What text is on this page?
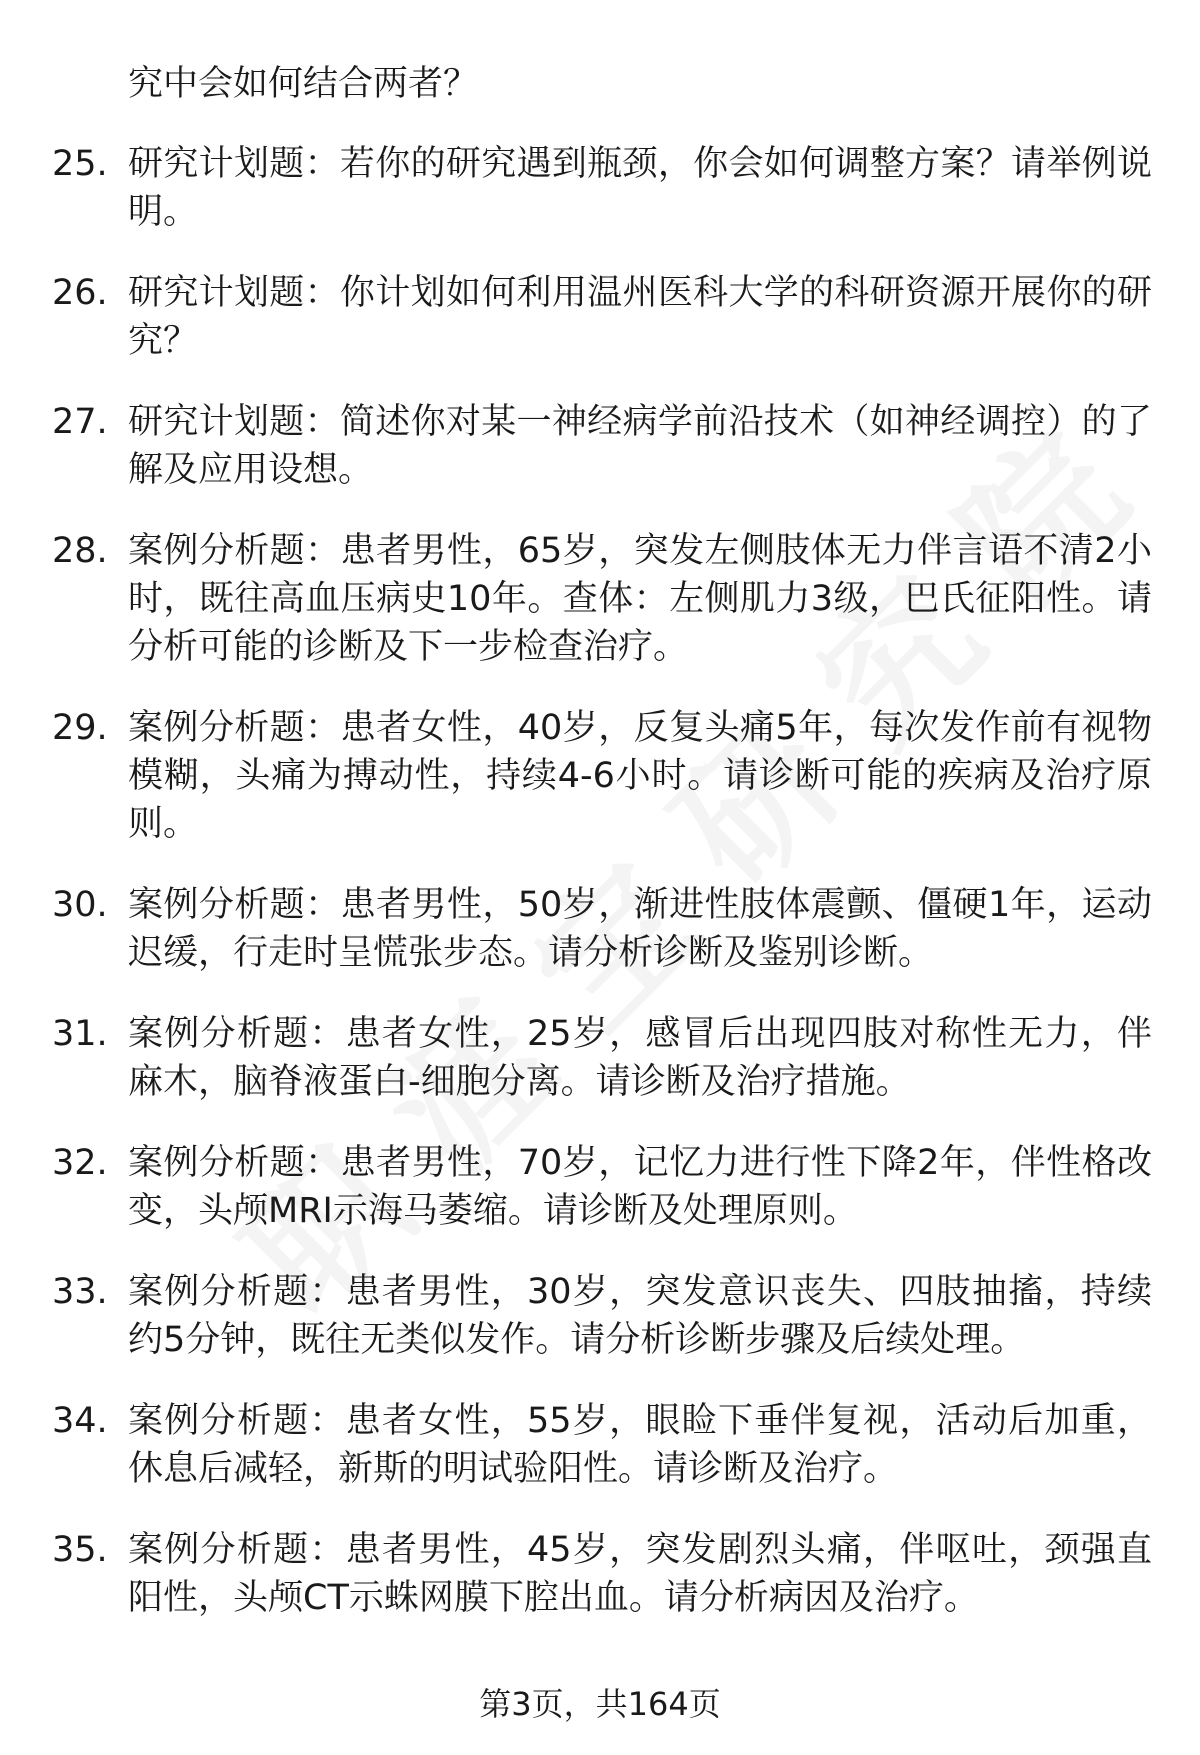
究中会如何结合两者？
25. 研究计划题：若你的研究遇到瓶颈，你会如何调整方案？请举例说明。
26. 研究计划题：你计划如何利用温州医科大学的科研资源开展你的研究？
27. 研究计划题：简述你对某一神经病学前沿技术（如神经调控）的了解及应用设想。
28. 案例分析题：患者男性，65岁，突发左侧肢体无力伴言语不清2小时，既往高血压病史10年。查体：左侧肌力3级，巴氏征阳性。请分析可能的诊断及下一步检查治疗。
29. 案例分析题：患者女性，40岁，反复头痛5年，每次发作前有视物模糊，头痛为搏动性，持续4-6小时。请诊断可能的疾病及治疗原则。
30. 案例分析题：患者男性，50岁，渐进性肢体震颤、僵硬1年，运动迟缓，行走时呈慌张步态。请分析诊断及鉴别诊断。
31. 案例分析题：患者女性，25岁，感冒后出现四肢对称性无力，伴麻木，脑脊液蛋白-细胞分离。请诊断及治疗措施。
32. 案例分析题：患者男性，70岁，记忆力进行性下降2年，伴性格改变，头颅MRI示海马萎缩。请诊断及处理原则。
33. 案例分析题：患者男性，30岁，突发意识丧失、四肢抽搐，持续约5分钟，既往无类似发作。请分析诊断步骤及后续处理。
34. 案例分析题：患者女性，55岁，眼睑下垂伴复视，活动后加重，休息后减轻，新斯的明试验阳性。请诊断及治疗。
35. 案例分析题：患者男性，45岁，突发剧烈头痛，伴呕吐，颈强直阳性，头颅CT示蛛网膜下腔出血。请分析病因及治疗。
第3页，共164页
